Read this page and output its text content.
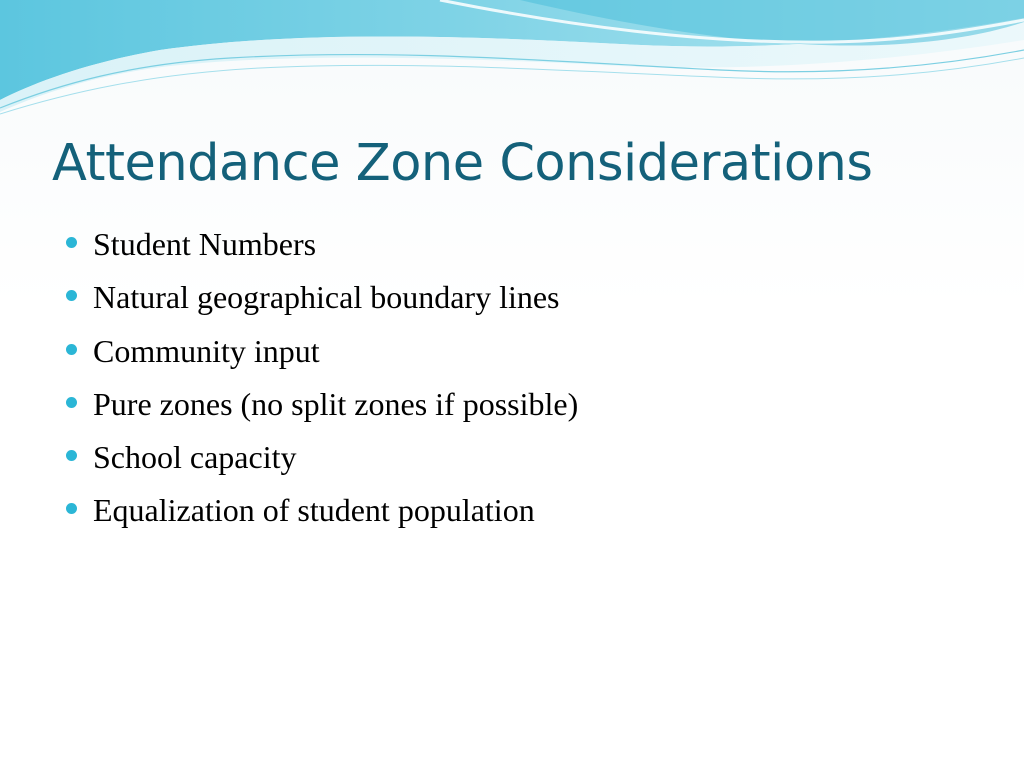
Attendance Zone Considerations
Student Numbers
Natural geographical boundary lines
Community input
Pure zones (no split zones if possible)
School capacity
Equalization of student population
